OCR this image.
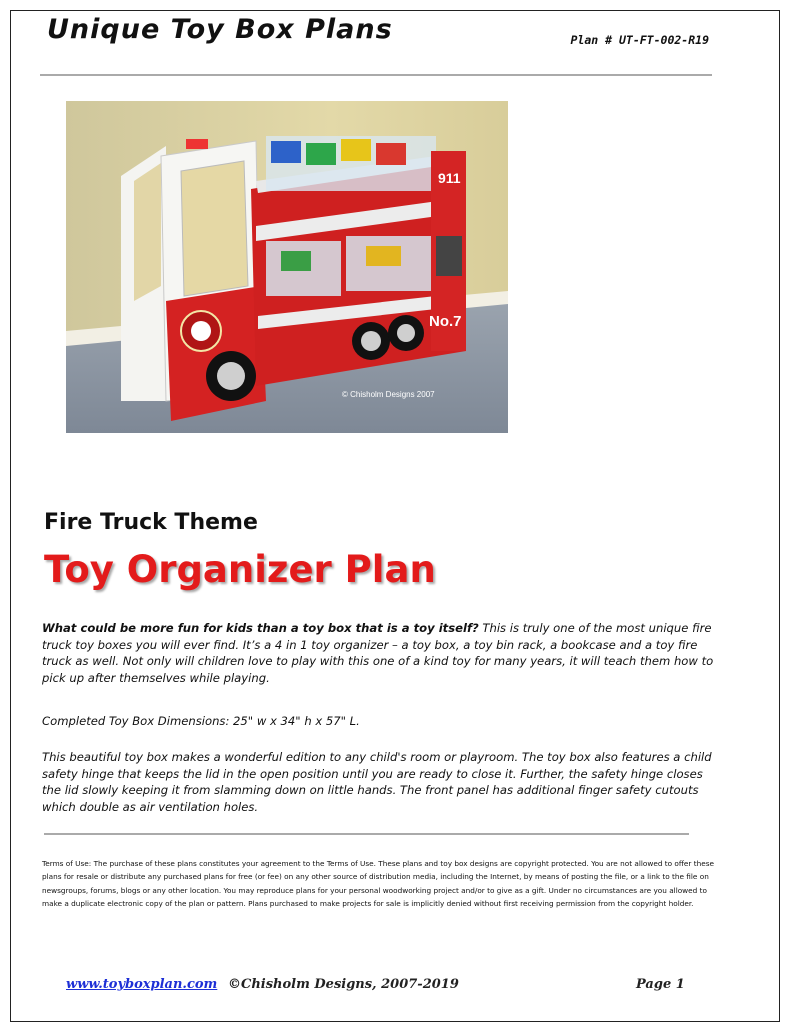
Unique Toy Box Plans	Plan # UT-FT-002-R19
911
No.7
© Chisholm Designs 2007
Fire Truck Theme
Toy Organizer Plan

What could be more fun for kids than a toy box that is a toy itself? This is truly one of the most unique fire truck toy boxes you will ever find. It’s a 4 in 1 toy organizer – a toy box, a toy bin rack, a bookcase and a toy fire truck as well. Not only will children love to play with this one of a kind toy for many years, it will teach them how to pick up after themselves while playing.

Completed Toy Box Dimensions: 25" w x 34" h x 57" L.

This beautiful toy box makes a wonderful edition to any child's room or playroom. The toy box also features a child safety hinge that keeps the lid in the open position until you are ready to close it. Further, the safety hinge closes the lid slowly keeping it from slamming down on little hands. The front panel has additional finger safety cutouts which double as air ventilation holes.

Terms of Use: The purchase of these plans constitutes your agreement to the Terms of Use. These plans and toy box designs are copyright protected. You are not allowed to offer these plans for resale or distribute any purchased plans for free (or fee) on any other source of distribution media, including the Internet, by means of posting the file, or a link to the file on newsgroups, forums, blogs or any other location. You may reproduce plans for your personal woodworking project and/or to give as a gift. Under no circumstances are you allowed to make a duplicate electronic copy of the plan or pattern. Plans purchased to make projects for sale is implicitly denied without first receiving permission from the copyright holder.

www.toyboxplan.com ©Chisholm Designs, 2007-2019	Page 1
